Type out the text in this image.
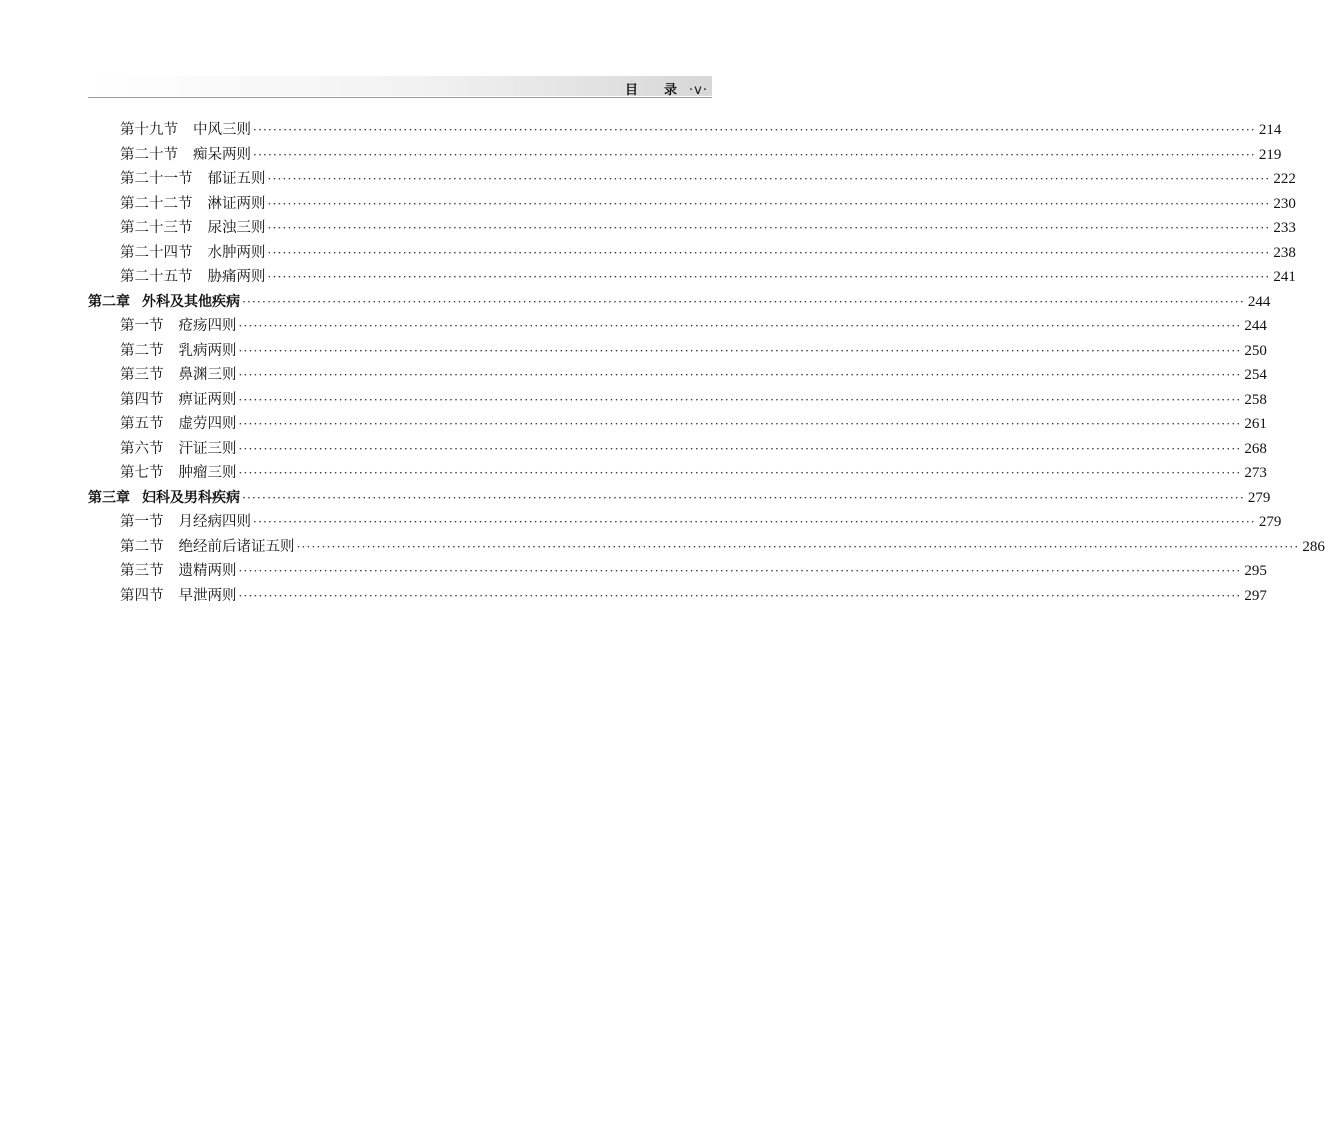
目 录 ·v·
第十九节 中风三则 ········································································································································································································ 214
第二十节 痴呆两则 ········································································································································································································ 219
第二十一节 郁证五则 ········································································································································································································ 222
第二十二节 淋证两则 ········································································································································································································ 230
第二十三节 尿浊三则 ········································································································································································································ 233
第二十四节 水肿两则 ········································································································································································································ 238
第二十五节 胁痛两则 ········································································································································································································ 241
第二章 外科及其他疾病 ········································································································································································································ 244
第一节 疮疡四则 ········································································································································································································ 244
第二节 乳病两则 ········································································································································································································ 250
第三节 鼻渊三则 ········································································································································································································ 254
第四节 痹证两则 ········································································································································································································ 258
第五节 虚劳四则 ········································································································································································································ 261
第六节 汗证三则 ········································································································································································································ 268
第七节 肿瘤三则 ········································································································································································································ 273
第三章 妇科及男科疾病 ········································································································································································································ 279
第一节 月经病四则 ········································································································································································································ 279
第二节 绝经前后诸证五则 ········································································································································································································ 286
第三节 遗精两则 ········································································································································································································ 295
第四节 早泄两则 ········································································································································································································ 297
